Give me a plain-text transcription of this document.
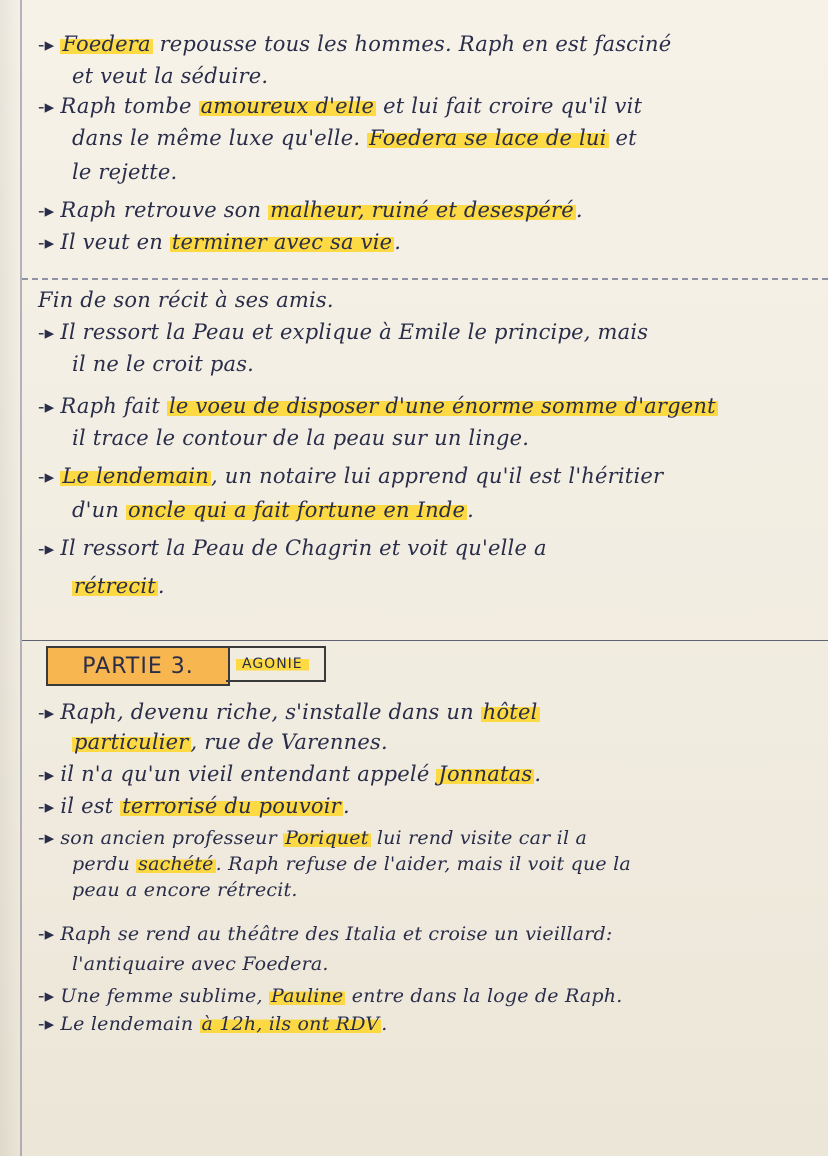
-▸ Foedera repousse tous les hommes. Raph en est fasciné
et veut la séduire.
-▸ Raph tombe amoureux d'elle et lui fait croire qu'il vit
dans le même luxe qu'elle. Foedera se lace de lui et
le rejette.
-▸ Raph retrouve son malheur, ruiné et desespéré.
-▸ Il veut en terminer avec sa vie.
Fin de son récit à ses amis.
-▸ Il ressort la Peau et explique à Emile le principe, mais
il ne le croit pas.
-▸ Raph fait le voeu de disposer d'une énorme somme d'argent
il trace le contour de la peau sur un linge.
-▸ Le lendemain, un notaire lui apprend qu'il est l'héritier
d'un oncle qui a fait fortune en Inde.
-▸ Il ressort la Peau de Chagrin et voit qu'elle a
rétrecit.
PARTIE 3.	AGONIE
-▸ Raph, devenu riche, s'installe dans un hôtel
particulier, rue de Varennes.
-▸ il n'a qu'un vieil entendant appelé Jonnatas.
-▸ il est terrorisé du pouvoir.
-▸ son ancien professeur Poriquet lui rend visite car il a
perdu sachété . Raph refuse de l'aider, mais il voit que la
peau a encore rétrecit.
-▸ Raph se rend au théâtre des Italia et croise un vieillard:
l'antiquaire avec Foedera.
-▸ Une femme sublime, Pauline entre dans la loge de Raph.
-▸ Le lendemain à 12h, ils ont RDV .
